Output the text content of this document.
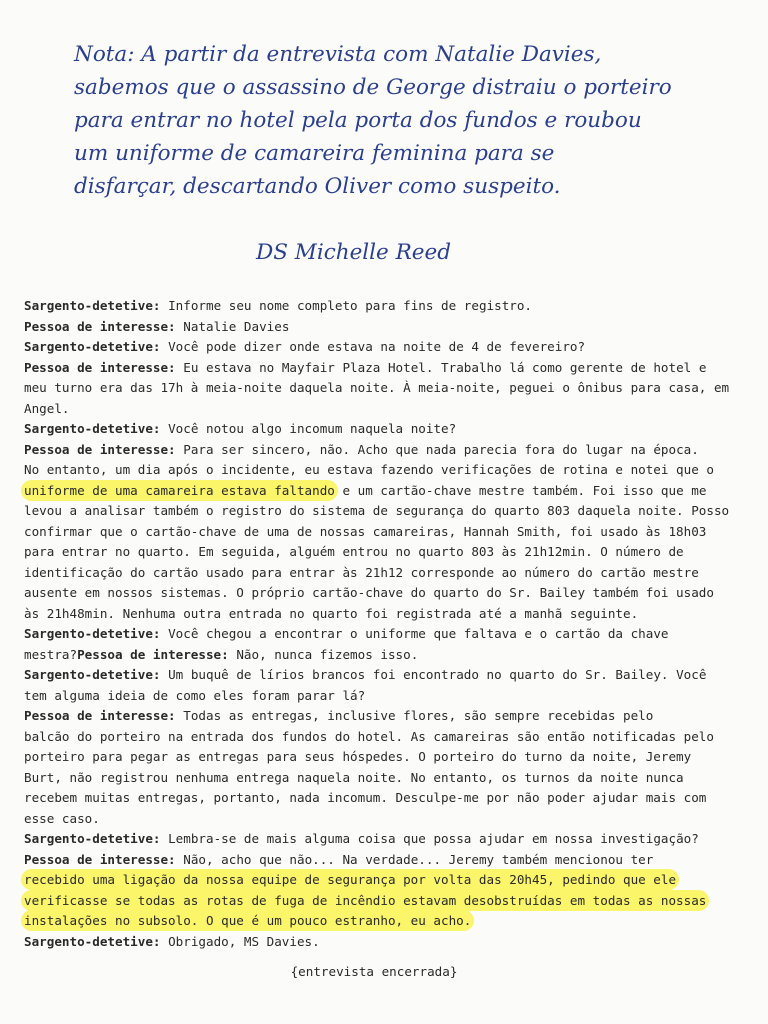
Nota: A partir da entrevista com Natalie Davies,
sabemos que o assassino de George distraiu o porteiro
para entrar no hotel pela porta dos fundos e roubou
um uniforme de camareira feminina para se
disfarçar, descartando Oliver como suspeito.
DS Michelle Reed
Sargento-detetive: Informe seu nome completo para fins de registro.
Pessoa de interesse: Natalie Davies
Sargento-detetive: Você pode dizer onde estava na noite de 4 de fevereiro?
Pessoa de interesse: Eu estava no Mayfair Plaza Hotel. Trabalho lá como gerente de hotel e
meu turno era das 17h à meia-noite daquela noite. À meia-noite, peguei o ônibus para casa, em
Angel.
Sargento-detetive: Você notou algo incomum naquela noite?
Pessoa de interesse: Para ser sincero, não. Acho que nada parecia fora do lugar na época.
No entanto, um dia após o incidente, eu estava fazendo verificações de rotina e notei que o
uniforme de uma camareira estava faltando e um cartão-chave mestre também. Foi isso que me
levou a analisar também o registro do sistema de segurança do quarto 803 daquela noite. Posso
confirmar que o cartão-chave de uma de nossas camareiras, Hannah Smith, foi usado às 18h03
para entrar no quarto. Em seguida, alguém entrou no quarto 803 às 21h12min. O número de
identificação do cartão usado para entrar às 21h12 corresponde ao número do cartão mestre
ausente em nossos sistemas. O próprio cartão-chave do quarto do Sr. Bailey também foi usado
às 21h48min. Nenhuma outra entrada no quarto foi registrada até a manhã seguinte.
Sargento-detetive: Você chegou a encontrar o uniforme que faltava e o cartão da chave
mestra?Pessoa de interesse: Não, nunca fizemos isso.
Sargento-detetive: Um buquê de lírios brancos foi encontrado no quarto do Sr. Bailey. Você
tem alguma ideia de como eles foram parar lá?
Pessoa de interesse: Todas as entregas, inclusive flores, são sempre recebidas pelo
balcão do porteiro na entrada dos fundos do hotel. As camareiras são então notificadas pelo
porteiro para pegar as entregas para seus hóspedes. O porteiro do turno da noite, Jeremy
Burt, não registrou nenhuma entrega naquela noite. No entanto, os turnos da noite nunca
recebem muitas entregas, portanto, nada incomum. Desculpe-me por não poder ajudar mais com
esse caso.
Sargento-detetive: Lembra-se de mais alguma coisa que possa ajudar em nossa investigação?
Pessoa de interesse: Não, acho que não... Na verdade... Jeremy também mencionou ter
recebido uma ligação da nossa equipe de segurança por volta das 20h45, pedindo que ele
verificasse se todas as rotas de fuga de incêndio estavam desobstruídas em todas as nossas
instalações no subsolo. O que é um pouco estranho, eu acho.
Sargento-detetive: Obrigado, MS Davies.
{entrevista encerrada}
